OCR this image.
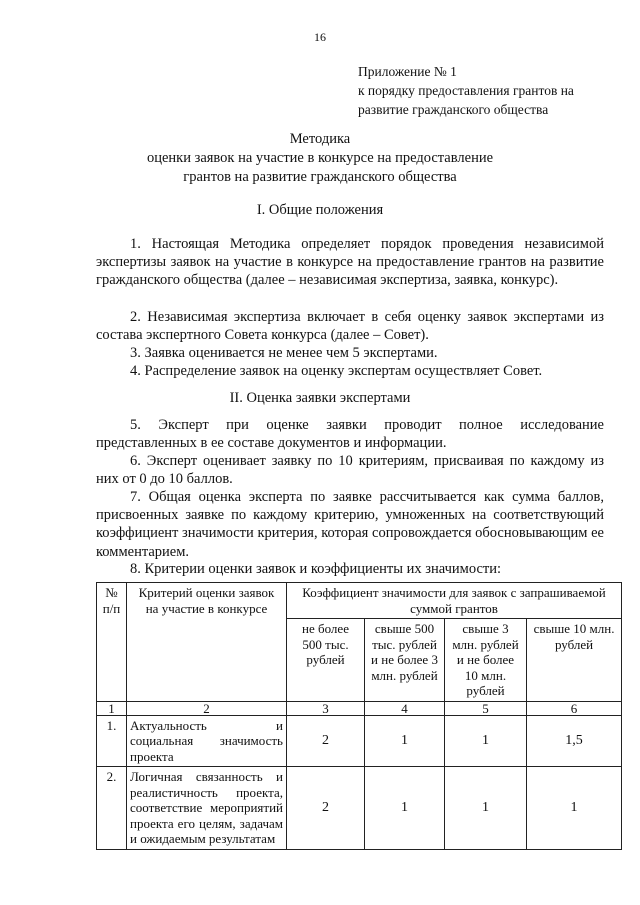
16
Приложение № 1
к порядку предоставления грантов на
развитие гражданского общества
Методика
оценки заявок на участие в конкурсе на предоставление
грантов на развитие гражданского общества
I. Общие положения
1. Настоящая Методика определяет порядок проведения независимой экспертизы заявок на участие в конкурсе на предоставление грантов на развитие гражданского общества (далее – независимая экспертиза, заявка, конкурс).
2. Независимая экспертиза включает в себя оценку заявок экспертами из состава экспертного Совета конкурса (далее – Совет).
3. Заявка оценивается не менее чем 5 экспертами.
4. Распределение заявок на оценку экспертам осуществляет Совет.
II. Оценка заявки экспертами
5. Эксперт при оценке заявки проводит полное исследование представленных в ее составе документов и информации.
6. Эксперт оценивает заявку по 10 критериям, присваивая по каждому из них от 0 до 10 баллов.
7. Общая оценка эксперта по заявке рассчитывается как сумма баллов, присвоенных заявке по каждому критерию, умноженных на соответствующий коэффициент значимости критерия, которая сопровождается обосновывающим ее комментарием.
8. Критерии оценки заявок и коэффициенты их значимости:
№ п/п	Критерий оценки заявок на участие в конкурсе	Коэффициент значимости для заявок с запрашиваемой суммой грантов			
		не более 500 тыс. рублей	свыше 500 тыс. рублей и не более 3 млн. рублей	свыше 3 млн. рублей и не более 10 млн. рублей	свыше 10 млн. рублей
1	2	3	4	5	6
1.	Актуальность и социальная значимость проекта	2	1	1	1,5
2.	Логичная связанность и реалистичность проекта, соответствие мероприятий проекта его целям, задачам и ожидаемым результатам	2	1	1	1
